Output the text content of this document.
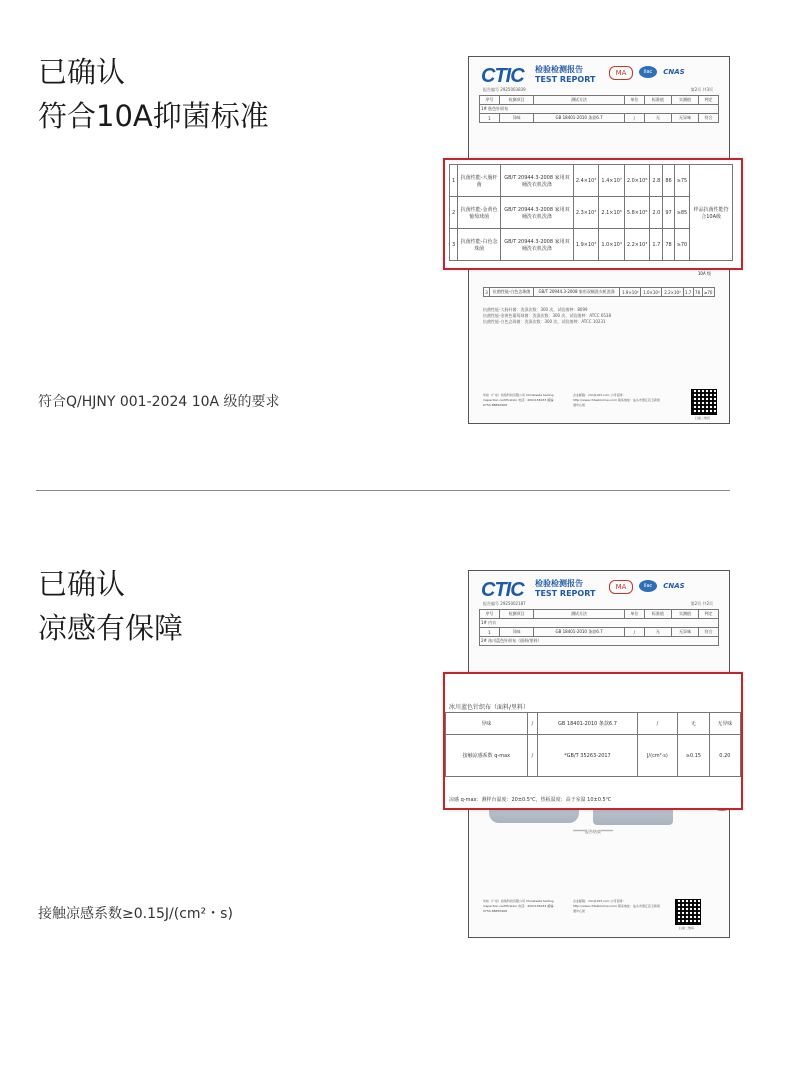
已确认
符合10A抑菌标准
符合Q/HJNY 001-2024 10A 级的要求
CTIC 检验检测报告
TEST REPORT
MA	ilac	CNAS
报告编号 2925003839	第2页 共3页
序号	检测项目	测试方法	单位	标准值	实测值	判定
1# 肤色针织布						
1	异味	GB 18401-2010 条款6.7	/	无	无异味	符合
3	抗菌性能-白色念珠菌	GB/T 20944.3-2008 家用双桶洗衣机洗涤	1.9×10⁴	1.0×10⁴	2.2×10³	1.7	78	≥70
10A 级
抗菌性能-大肠杆菌：洗涤次数：300 次，试验菌种：8099
抗菌性能-金黄色葡萄球菌：洗涤次数：300 次，试验菌种：ATCC 6538
抗菌性能-白色念珠菌：洗涤次数：300 次，试验菌种：ATCC 10231
华检（广东）检验科技有限公司 Chinatesta testing inspection certification 电话：4001156933 邮编：0754-88850968
企业邮箱：ctic@163.com 公司官网：http://www.chtestonline.com/ 联系地址：汕头市濠江区玉新街道中心街
扫描二维码
1	抗菌性能-大肠杆菌	GB/T 20944.3-2008 家用双桶洗衣机洗涤	2.4×10⁴	1.4×10⁷	2.0×10⁶	2.8	86	≥75	样品抗菌性能符合10A级
2	抗菌性能-金黄色葡萄球菌	GB/T 20944.3-2008 家用双桶洗衣机洗涤	2.3×10⁴	2.1×10⁵	5.8×10⁶	2.0	97	≥85	
3	抗菌性能-白色念珠菌	GB/T 20944.3-2008 家用双桶洗衣机洗涤	1.9×10⁴	1.0×10⁴	2.2×10³	1.7	78	≥70	
已确认
凉感有保障
接触凉感系数≥0.15J/(cm²・s)
CTIC 检验检测报告
TEST REPORT
MA	ilac	CNAS
报告编号 2925002187	第2页 共2页
序号	检测项目	测试方法	单位	标准值	实测值	判定
1# 内衣						
1	异味	GB 18401-2010 条款6.7	/	无	无异味	符合
2# 冰川蓝色针织布（面料/里料）						
******报告结束******
华检（广东）检验科技有限公司 Chinatesta testing inspection certification 电话：4001156933 邮编：0754-88850968
企业邮箱：ctic@163.com 公司官网：http://www.chtestonline.com/ 联系地址：汕头市濠江区玉新街道中心街
扫描二维码
冰川蓝色针织布（面料/里料）
异味	/	GB 18401-2010 条款6.7	/	无	无异味
接触凉感系数 q-max	/	*GB/T 35263-2017	J/(cm²·s)	≥0.15	0.20
凉感 q-max：测样台温度：20±0.5℃，热板温度：高于室温 10±0.5℃
